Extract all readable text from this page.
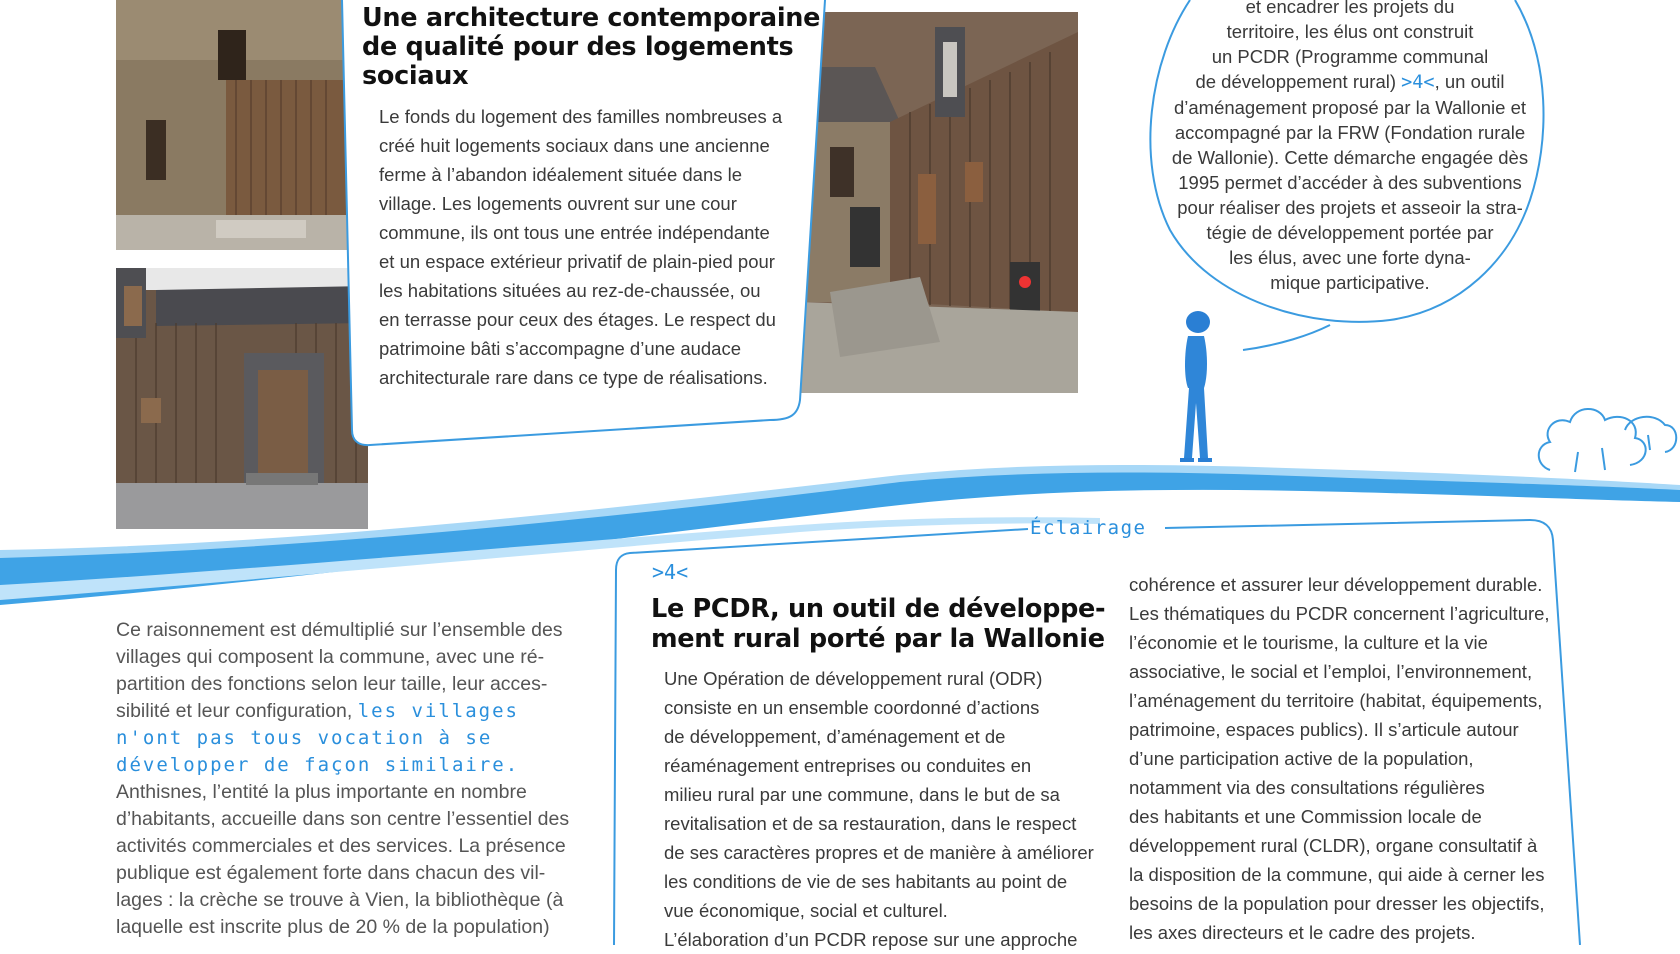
Une architecture contemporaine
de qualité pour des logements
sociaux

Le fonds du logement des familles nombreuses a

créé huit logements sociaux dans une ancienne

ferme à l’abandon idéalement située dans le

village. Les logements ouvrent sur une cour

commune, ils ont tous une entrée indépendante

et un espace extérieur privatif de plain-pied pour

les habitations situées au rez-de-chaussée, ou

en terrasse pour ceux des étages. Le respect du

patrimoine bâti s’accompagne d’une audace

architecturale rare dans ce type de réalisations.

et encadrer les projets du
territoire, les élus ont construit
un PCDR (Programme communal
de développement rural) >4<, un outil
d’aménagement proposé par la Wallonie et
accompagné par la FRW (Fondation rurale
de Wallonie). Cette démarche engagée dès
1995 permet d’accéder à des subventions
pour réaliser des projets et asseoir la stra-
tégie de développement portée par
les élus, avec une forte dyna-
mique participative.

Ce raisonnement est démultiplié sur l’ensemble des

villages qui composent la commune, avec une ré-

partition des fonctions selon leur taille, leur acces-

sibilité et leur configuration, les villages

n'ont pas tous vocation à se

développer de façon similaire.

Anthisnes, l’entité la plus importante en nombre

d’habitants, accueille dans son centre l’essentiel des

activités commerciales et des services. La présence

publique est également forte dans chacun des vil-

lages : la crèche se trouve à Vien, la bibliothèque (à

laquelle est inscrite plus de 20 % de la population)

Éclairage
>4<
Le PCDR, un outil de développe-
ment rural porté par la Wallonie

Une Opération de développement rural (ODR)

consiste en un ensemble coordonné d’actions

de développement, d’aménagement et de

réaménagement entreprises ou conduites en

milieu rural par une commune, dans le but de sa

revitalisation et de sa restauration, dans le respect

de ses caractères propres et de manière à améliorer

les conditions de vie de ses habitants au point de

vue économique, social et culturel.

L’élaboration d’un PCDR repose sur une approche

cohérence et assurer leur développement durable.

Les thématiques du PCDR concernent l’agriculture,

l’économie et le tourisme, la culture et la vie

associative, le social et l’emploi, l’environnement,

l’aménagement du territoire (habitat, équipements,

patrimoine, espaces publics). Il s’articule autour

d’une participation active de la population,

notamment via des consultations régulières

des habitants et une Commission locale de

développement rural (CLDR), organe consultatif à

la disposition de la commune, qui aide à cerner les

besoins de la population pour dresser les objectifs,

les axes directeurs et le cadre des projets.
